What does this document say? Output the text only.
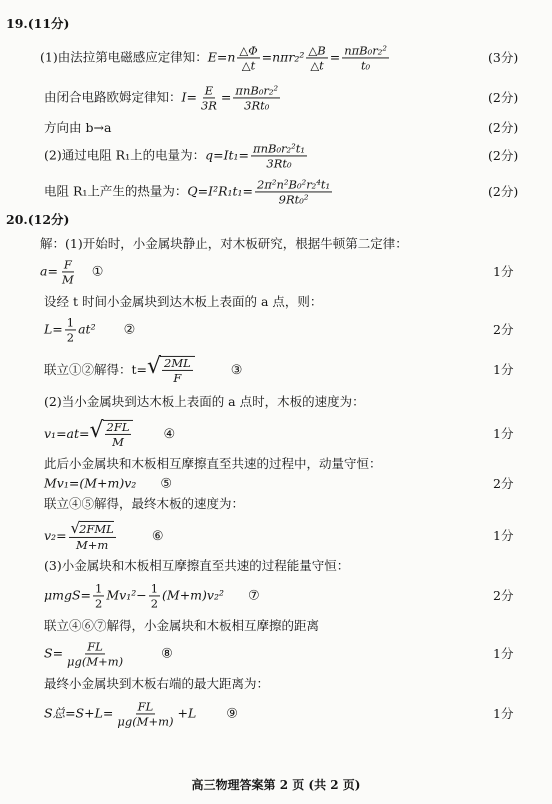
19.(11分)
(1)由法拉第电磁感应定律知： $E=n \frac{\triangle\Phi}{\triangle t} =n\pi r_2^2 \frac{\triangle B}{\triangle t} = \frac{\text{nπB₀r₂²}}{\text{t₀}}$	(3分)
由闭合电路欧姆定律知： $I= \frac{E}{3R} = \frac{\text{πnB₀r₂²}}{\text{3Rt₀}}$	(2分)
方向由 b→a	(2分)
(2)通过电阻 R₁上的电量为： $q=It_1= \frac{\text{πnB₀r₂²t₁}}{\text{3Rt₀}}$	(2分)
电阻 R₁上产生的热量为： $Q=I^2R_1t_1= \frac{\text{2π²n²B₀²r₂⁴t₁}}{\text{9Rt₀²}}$	(2分)
20.(12分)
解：(1)开始时，小金属块静止，对木板研究，根据牛顿第二定律：
$a= \frac{F}{M}$ ①	1分
设经 t 时间小金属块到达木板上表面的 a 点，则：
$L= \frac{1}{2} at^2$ ②	2分
联立①②解得：t= √ $\frac{2ML}{F}$	③	1分
(2)当小金属块到达木板上表面的 a 点时，木板的速度为：
v₁=at= √ $\frac{2FL}{M}$ ④	1分
此后小金属块和木板相互摩擦直至共速的过程中，动量守恒：
Mv₁=(M+m)v₂ ⑤	2分
联立④⑤解得，最终木板的速度为：
$v_2= \frac{\text{√ 2FML}}{M+m}$	⑥	1分
(3)小金属块和木板相互摩擦直至共速的过程能量守恒：
$\mu mgS= \frac{1}{2} Mv_1^2- \frac{1}{2} (M+m)v_2^2$ ⑦	2分
联立④⑥⑦解得，小金属块和木板相互摩擦的距离
$S= \frac{FL}{\mu g(M+m)}$	⑧	1分
最终小金属块到木板右端的最大距离为：
S总$=S+L= \frac{FL}{\mu g(M+m)} +L$ ⑨	1分
高三物理答案第 2 页 (共 2 页)
